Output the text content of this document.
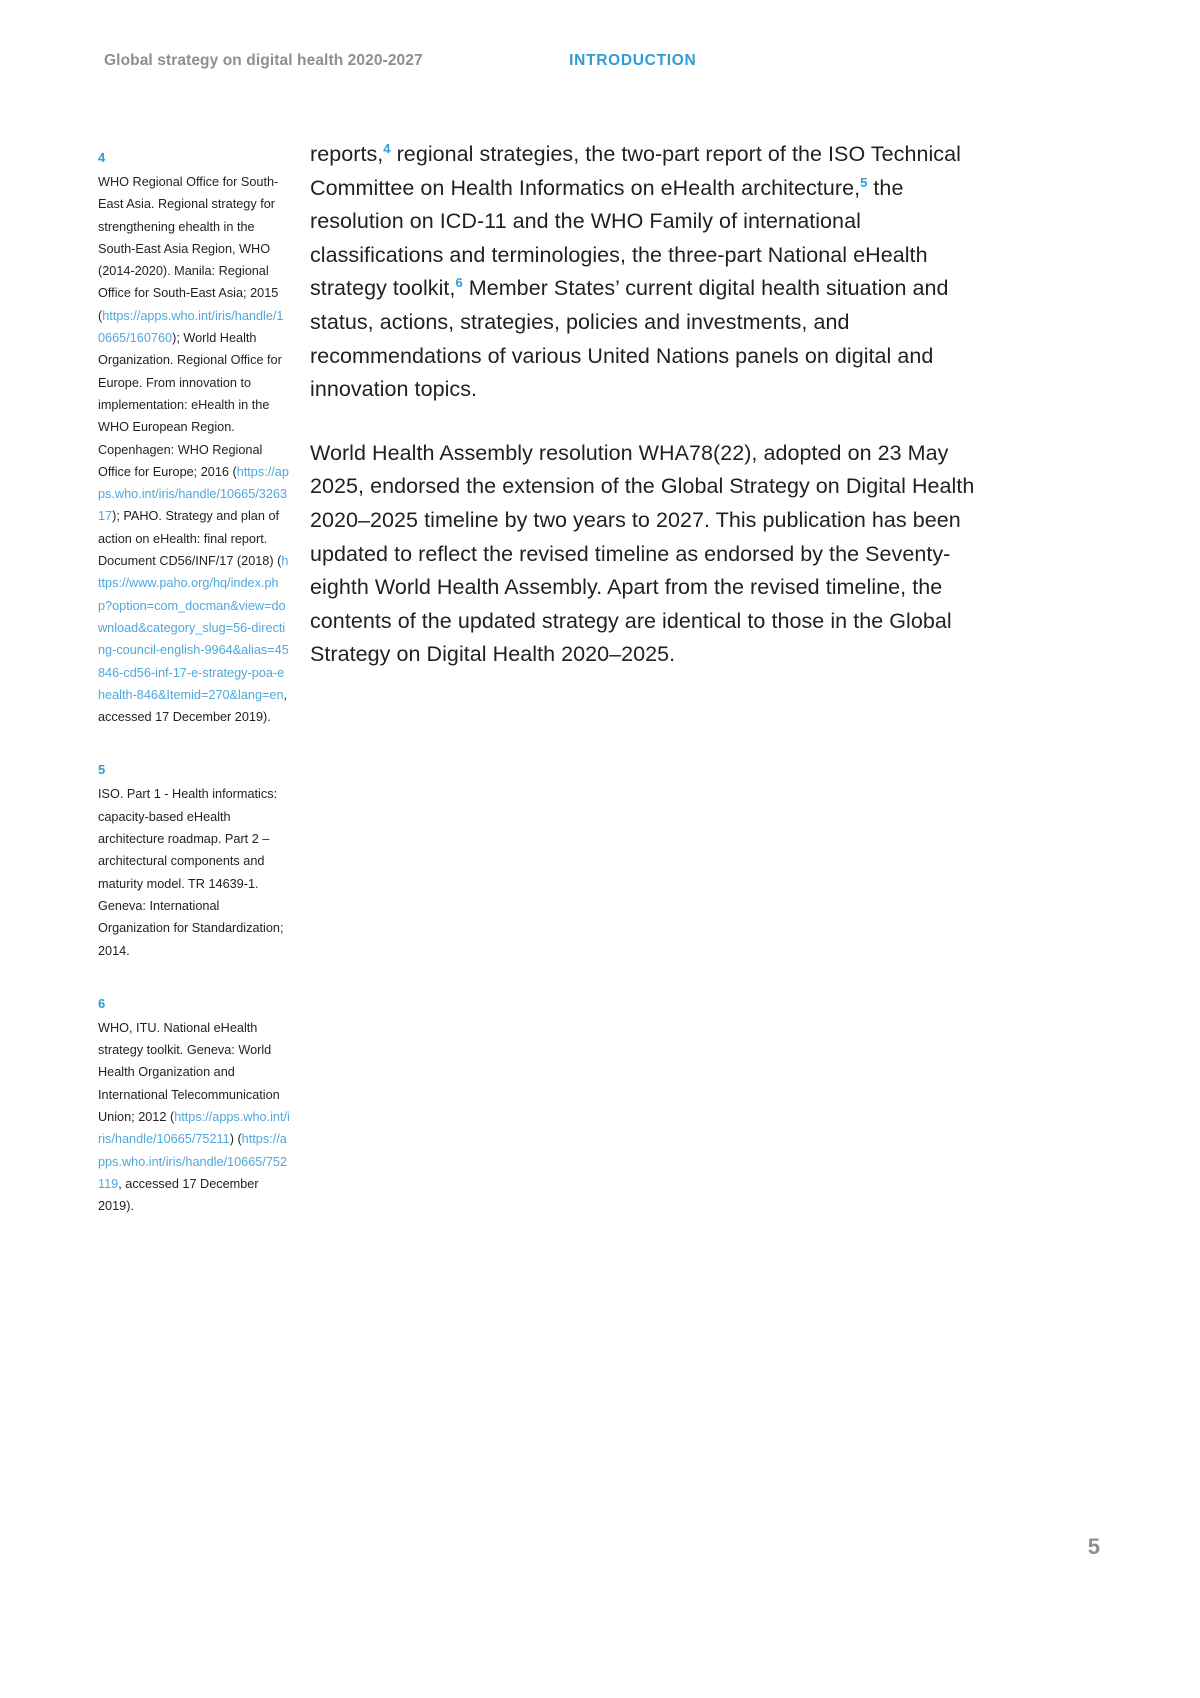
Global strategy on digital health 2020-2027	INTRODUCTION
4
WHO Regional Office for South-East Asia. Regional strategy for strengthening ehealth in the South-East Asia Region, WHO (2014-2020). Manila: Regional Office for South-East Asia; 2015 (https://apps.who.int/iris/handle/10665/160760); World Health Organization. Regional Office for Europe. From innovation to implementation: eHealth in the WHO European Region. Copenhagen: WHO Regional Office for Europe; 2016 (https://apps.who.int/iris/handle/10665/326317); PAHO. Strategy and plan of action on eHealth: final report. Document CD56/INF/17 (2018) (https://www.paho.org/hq/index.php?option=com_docman&view=download&category_slug=56-directing-council-english-9964&alias=45846-cd56-inf-17-e-strategy-poa-ehealth-846&Itemid=270&lang=en, accessed 17 December 2019).
5
ISO. Part 1 - Health informatics: capacity-based eHealth architecture roadmap. Part 2 – architectural components and maturity model. TR 14639-1. Geneva: International Organization for Standardization; 2014.
6
WHO, ITU. National eHealth strategy toolkit. Geneva: World Health Organization and International Telecommunication Union; 2012 (https://apps.who.int/iris/handle/10665/75211) (https://apps.who.int/iris/handle/10665/752119, accessed 17 December 2019).

reports,$^4$ regional strategies, the two-part report of the ISO Technical Committee on Health Informatics on eHealth architecture,$^5$ the resolution on ICD-11 and the WHO Family of international classifications and terminologies, the three-part National eHealth strategy toolkit,$^6$ Member States’ current digital health situation and status, actions, strategies, policies and investments, and recommendations of various United Nations panels on digital and innovation topics.

World Health Assembly resolution WHA78(22), adopted on 23 May 2025, endorsed the extension of the Global Strategy on Digital Health 2020–2025 timeline by two years to 2027. This publication has been updated to reflect the revised timeline as endorsed by the Seventy-eighth World Health Assembly. Apart from the revised timeline, the contents of the updated strategy are identical to those in the Global Strategy on Digital Health 2020–2025.

5
